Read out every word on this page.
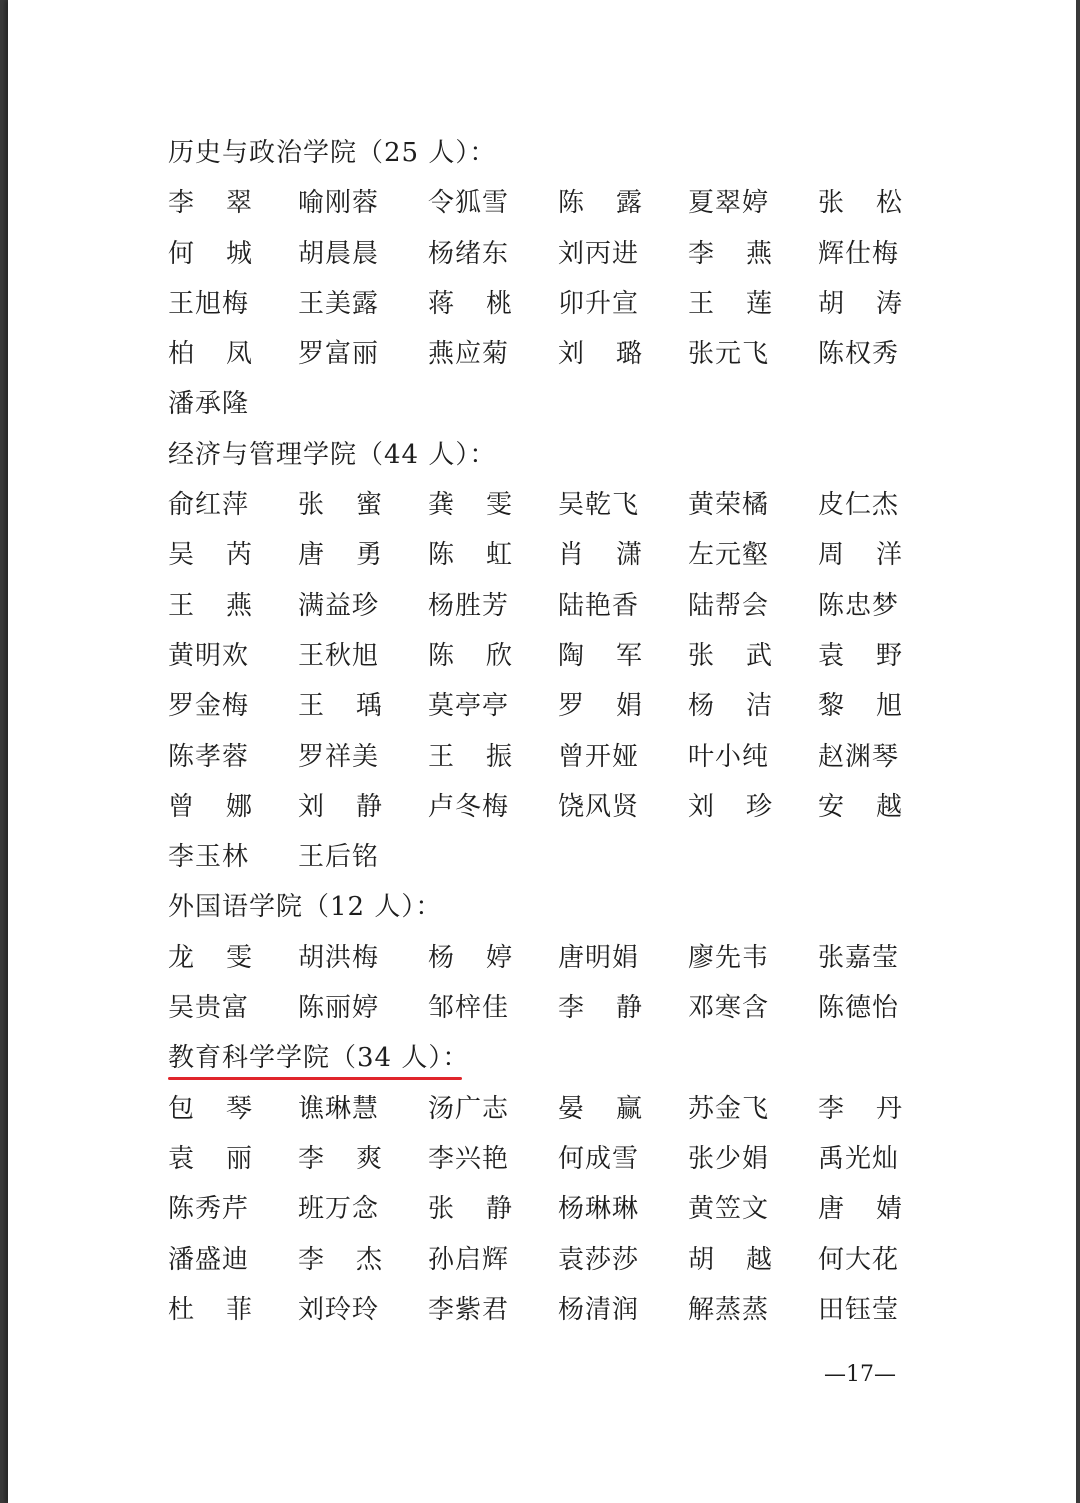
历史与政治学院（25 人）：
李 翠 喻刚蓉 令狐雪 陈 露 夏翠婷 张 松
何 城 胡晨晨 杨绪东 刘丙进 李 燕 辉仕梅
王旭梅 王美露 蒋 桃 卯升宣 王 莲 胡 涛
柏 凤 罗富丽 燕应菊 刘 璐 张元飞 陈权秀
潘承隆
经济与管理学院（44 人）：
俞红萍 张 蜜 龚 雯 吴乾飞 黄荣橘 皮仁杰
吴 芮 唐 勇 陈 虹 肖 潇 左元壑 周 洋
王 燕 满益珍 杨胜芳 陆艳香 陆帮会 陈忠梦
黄明欢 王秋旭 陈 欣 陶 军 张 武 袁 野
罗金梅 王 瑀 莫亭亭 罗 娟 杨 洁 黎 旭
陈孝蓉 罗祥美 王 振 曾开娅 叶小纯 赵渊琴
曾 娜 刘 静 卢冬梅 饶风贤 刘 珍 安 越
李玉林 王后铭
外国语学院（12 人）：
龙 雯 胡洪梅 杨 婷 唐明娟 廖先韦 张嘉莹
吴贵富 陈丽婷 邹梓佳 李 静 邓寒含 陈德怡
教育科学学院（34 人）：
包 琴 谯琳慧 汤广志 晏 赢 苏金飞 李 丹
袁 丽 李 爽 李兴艳 何成雪 张少娟 禹光灿
陈秀芹 班万念 张 静 杨琳琳 黄笠文 唐 婧
潘盛迪 李 杰 孙启辉 袁莎莎 胡 越 何大花
杜 菲 刘玲玲 李紫君 杨清润 解蒸蒸 田钰莹
—17—
